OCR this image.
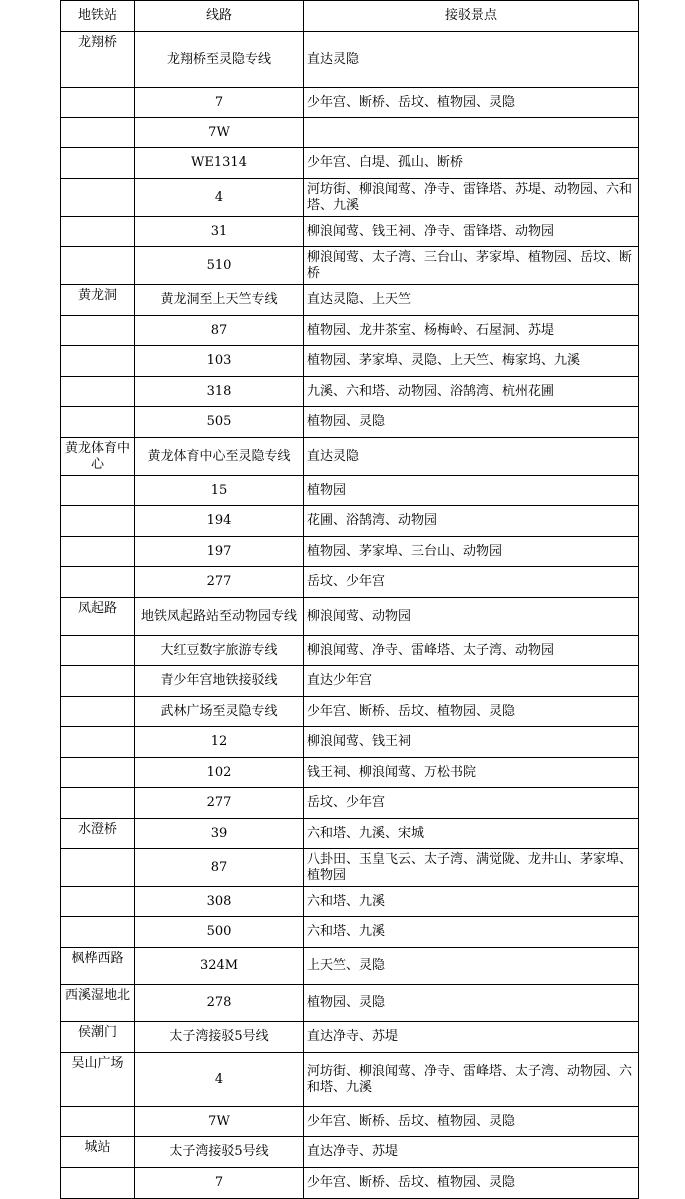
地铁站	线路	接驳景点
龙翔桥	龙翔桥至灵隐专线	直达灵隐
	7	少年宫、断桥、岳坟、植物园、灵隐
	7W	
	WE1314	少年宫、白堤、孤山、断桥
	4	河坊街、柳浪闻莺、净寺、雷锋塔、苏堤、动物园、六和塔、九溪
	31	柳浪闻莺、钱王祠、净寺、雷锋塔、动物园
	510	柳浪闻莺、太子湾、三台山、茅家埠、植物园、岳坟、断桥
黄龙洞	黄龙洞至上天竺专线	直达灵隐、上天竺
	87	植物园、龙井茶室、杨梅岭、石屋洞、苏堤
	103	植物园、茅家埠、灵隐、上天竺、梅家坞、九溪
	318	九溪、六和塔、动物园、浴鹄湾、杭州花圃
	505	植物园、灵隐
黄龙体育中心	黄龙体育中心至灵隐专线	直达灵隐
	15	植物园
	194	花圃、浴鹄湾、动物园
	197	植物园、茅家埠、三台山、动物园
	277	岳坟、少年宫
凤起路	地铁凤起路站至动物园专线	柳浪闻莺、动物园
	大红豆数字旅游专线	柳浪闻莺、净寺、雷峰塔、太子湾、动物园
	青少年宫地铁接驳线	直达少年宫
	武林广场至灵隐专线	少年宫、断桥、岳坟、植物园、灵隐
	12	柳浪闻莺、钱王祠
	102	钱王祠、柳浪闻莺、万松书院
	277	岳坟、少年宫
水澄桥	39	六和塔、九溪、宋城
	87	八卦田、玉皇飞云、太子湾、满觉陇、龙井山、茅家埠、植物园
	308	六和塔、九溪
	500	六和塔、九溪
枫桦西路	324M	上天竺、灵隐
西溪湿地北	278	植物园、灵隐
侯潮门	太子湾接驳5号线	直达净寺、苏堤
吴山广场	4	河坊街、柳浪闻莺、净寺、雷峰塔、太子湾、动物园、六和塔、九溪
	7W	少年宫、断桥、岳坟、植物园、灵隐
城站	太子湾接驳5号线	直达净寺、苏堤
	7	少年宫、断桥、岳坟、植物园、灵隐
